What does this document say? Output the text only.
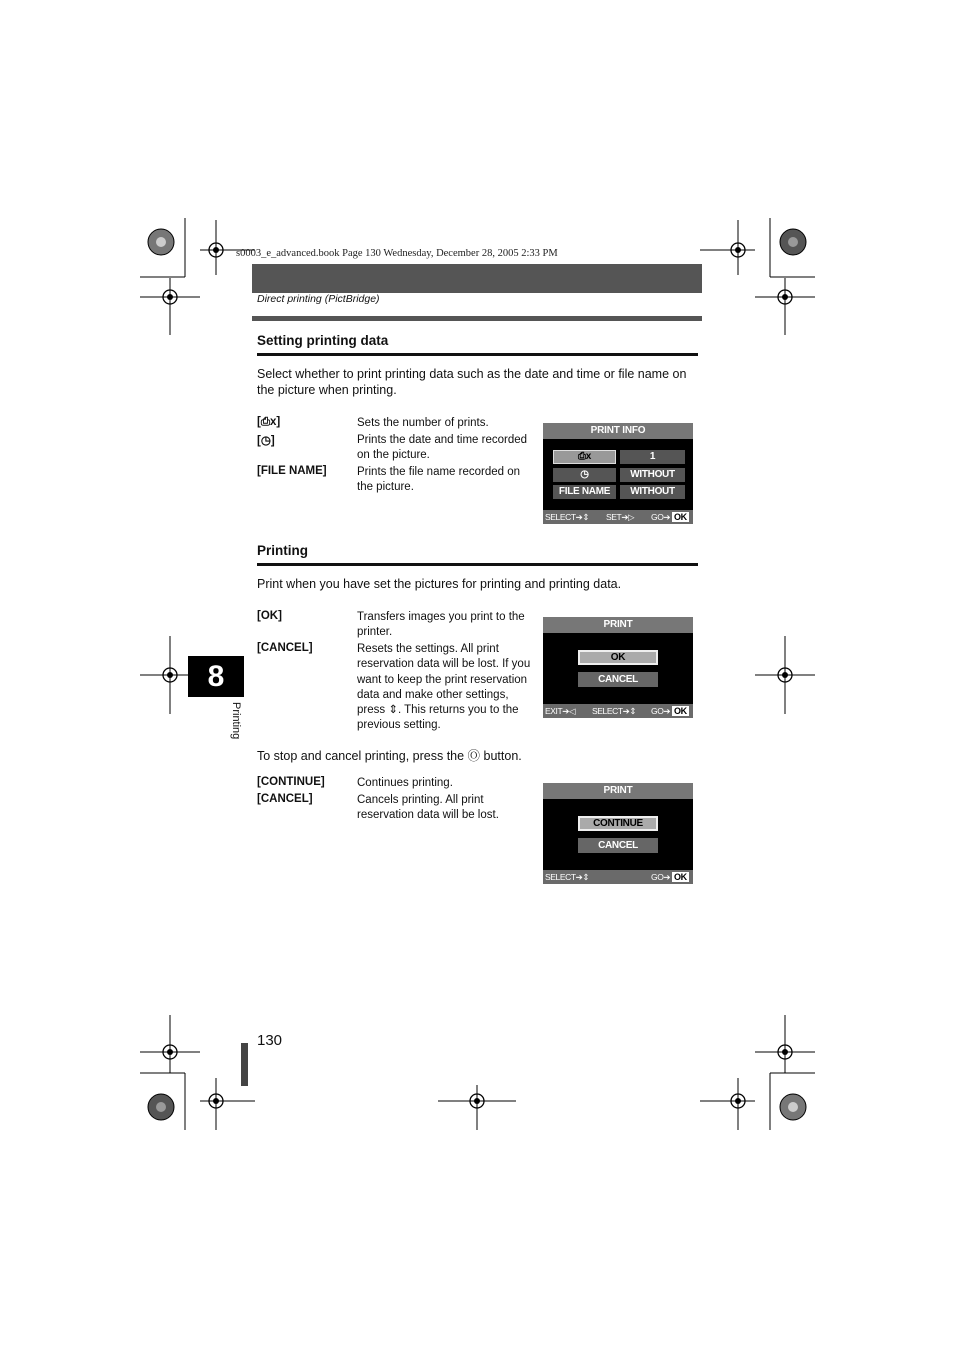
s0003_e_advanced.book Page 130 Wednesday, December 28, 2005 2:33 PM
Direct printing (PictBridge)
Setting printing data
Select whether to print printing data such as the date and time or file name on the picture when printing.
[⎙x]	Sets the number of prints.
[◷]	Prints the date and time recorded on the picture.
[FILE NAME]	Prints the file name recorded on the picture.
PRINT INFO
⎙x	1
◷	WITHOUT
FILE NAME	WITHOUT
SELECT➔⇕ SET➔▷ GO➔ OK
Printing
Print when you have set the pictures for printing and printing data.
[OK]	Transfers images you print to the printer.
[CANCEL]	Resets the settings. All print reservation data will be lost. If you want to keep the print reservation data and make other settings, press ⇕. This returns you to the previous setting.
PRINT
OK
CANCEL
EXIT➔◁ SELECT➔⇕ GO➔ OK
To stop and cancel printing, press the Ⓞ button.
[CONTINUE]	Continues printing.
[CANCEL]	Cancels printing. All print reservation data will be lost.
PRINT
CONTINUE
CANCEL
SELECT➔⇕	GO➔ OK
8
Printing
130
